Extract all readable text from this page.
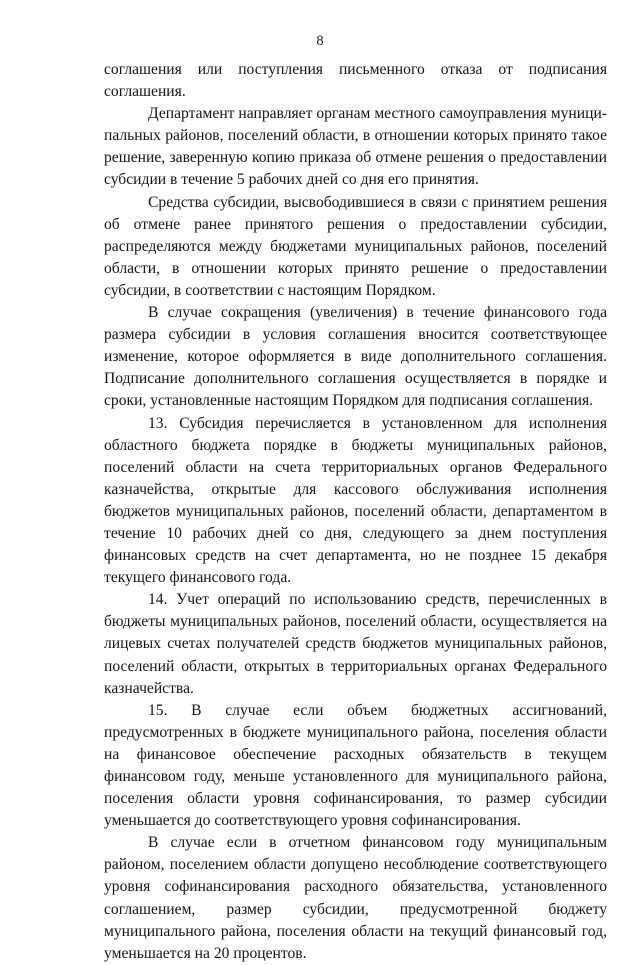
8

соглашения или поступления письменного отказа от подписания соглашения.

Департамент направляет органам местного самоуправления муниципальных районов, поселений области, в отношении которых принято такое решение, заверенную копию приказа об отмене решения о предоставлении субсидии в течение 5 рабочих дней со дня его принятия.

Средства субсидии, высвободившиеся в связи с принятием решения об отмене ранее принятого решения о предоставлении субсидии, распределяются между бюджетами муниципальных районов, поселений области, в отношении которых принято решение о предоставлении субсидии, в соответствии с настоящим Порядком.

В случае сокращения (увеличения) в течение финансового года размера субсидии в условия соглашения вносится соответствующее изменение, которое оформляется в виде дополнительного соглашения. Подписание дополнительного соглашения осуществляется в порядке и сроки, установленные настоящим Порядком для подписания соглашения.

13. Субсидия перечисляется в установленном для исполнения областного бюджета порядке в бюджеты муниципальных районов, поселений области на счета территориальных органов Федерального казначейства, открытые для кассового обслуживания исполнения бюджетов муниципальных районов, поселений области, департаментом в течение 10 рабочих дней со дня, следующего за днем поступления финансовых средств на счет департамента, но не позднее 15 декабря текущего финансового года.

14. Учет операций по использованию средств, перечисленных в бюджеты муниципальных районов, поселений области, осуществляется на лицевых счетах получателей средств бюджетов муниципальных районов, поселений области, открытых в территориальных органах Федерального казначейства.

15. В случае если объем бюджетных ассигнований, предусмотренных в бюджете муниципального района, поселения области на финансовое обеспечение расходных обязательств в текущем финансовом году, меньше установленного для муниципального района, поселения области уровня софинансирования, то размер субсидии уменьшается до соответствующего уровня софинансирования.

В случае если в отчетном финансовом году муниципальным районом, поселением области допущено несоблюдение соответствующего уровня софинансирования расходного обязательства, установленного соглашением, размер субсидии, предусмотренной бюджету муниципального района, поселения области на текущий финансовый год, уменьшается на 20 процентов.
